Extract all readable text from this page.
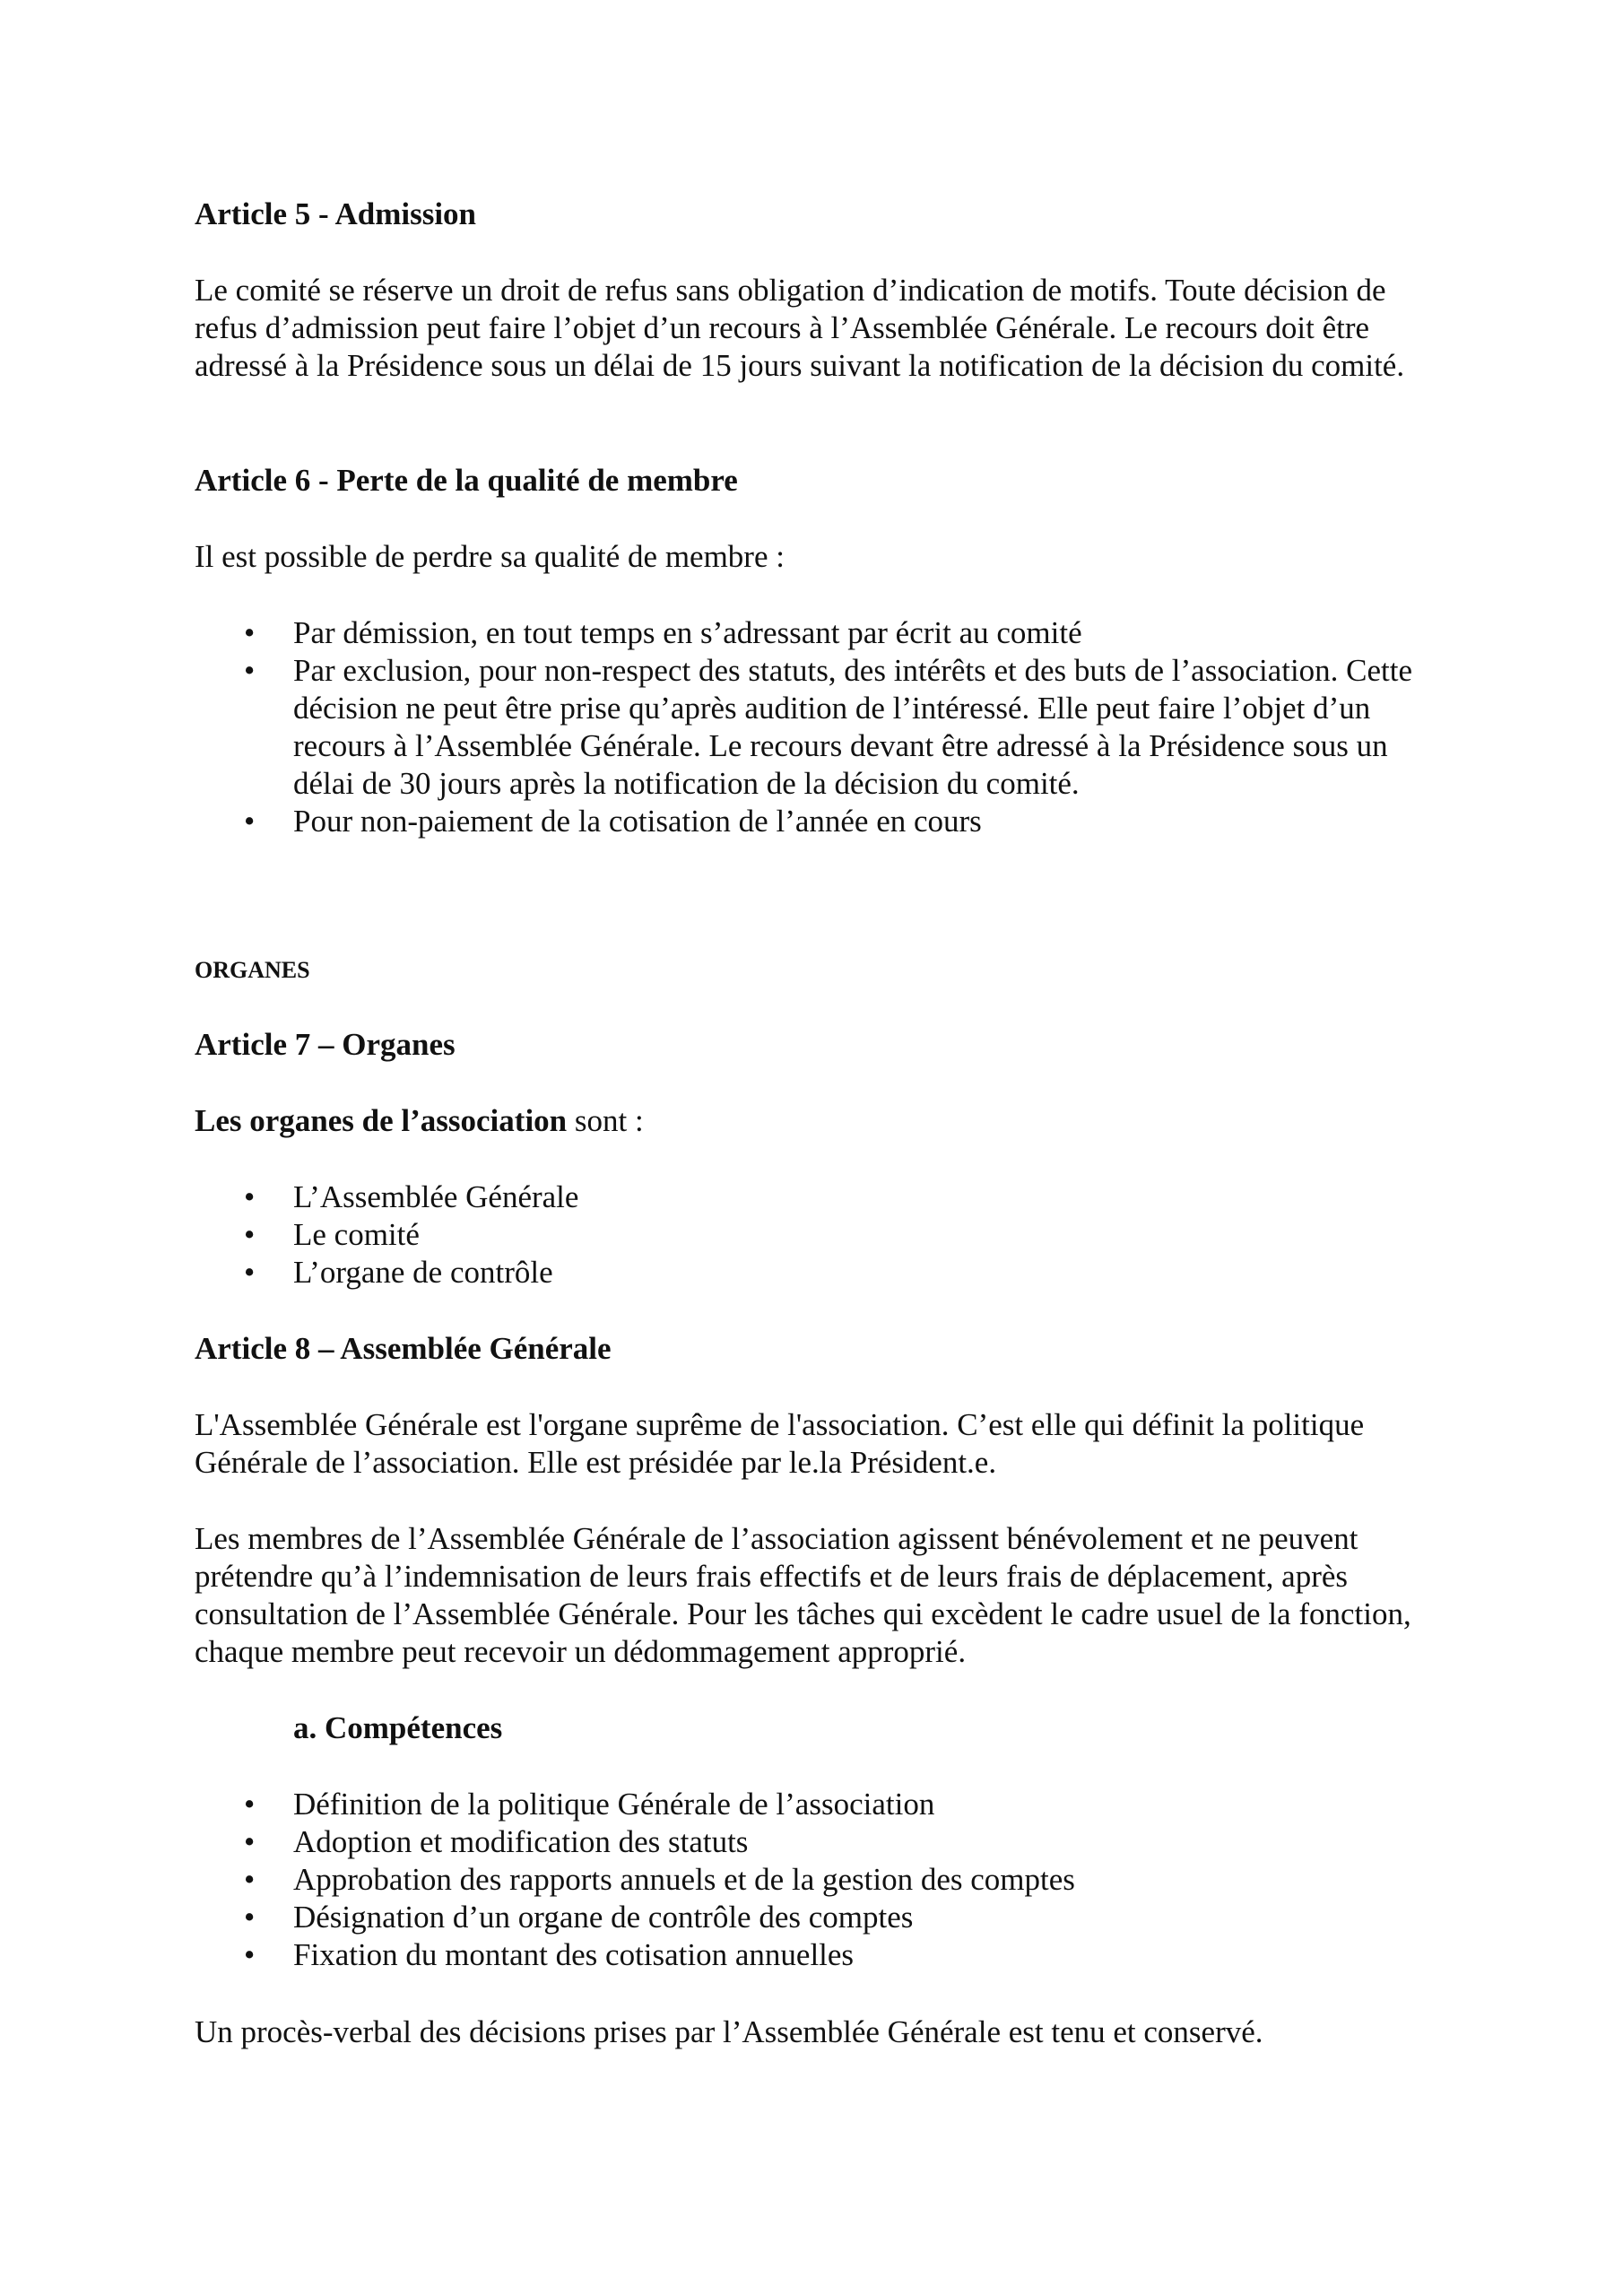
Article 5 - Admission

Le comité se réserve un droit de refus sans obligation d’indication de motifs. Toute décision de refus d’admission peut faire l’objet d’un recours à l’Assemblée Générale. Le recours doit être adressé à la Présidence sous un délai de 15 jours suivant la notification de la décision du comité.

Article 6 - Perte de la qualité de membre

Il est possible de perdre sa qualité de membre :

• Par démission, en tout temps en s’adressant par écrit au comité
• Par exclusion, pour non-respect des statuts, des intérêts et des buts de l’association. Cette décision ne peut être prise qu’après audition de l’intéressé. Elle peut faire l’objet d’un recours à l’Assemblée Générale. Le recours devant être adressé à la Présidence sous un délai de 30 jours après la notification de la décision du comité.
• Pour non-paiement de la cotisation de l’année en cours

ORGANES

Article 7 – Organes

Les organes de l’association sont :

• L’Assemblée Générale
• Le comité
• L’organe de contrôle

Article 8 – Assemblée Générale

L'Assemblée Générale est l'organe suprême de l'association. C’est elle qui définit la politique Générale de l’association. Elle est présidée par le.la Président.e.

Les membres de l’Assemblée Générale de l’association agissent bénévolement et ne peuvent prétendre qu’à l’indemnisation de leurs frais effectifs et de leurs frais de déplacement, après consultation de l’Assemblée Générale. Pour les tâches qui excèdent le cadre usuel de la fonction, chaque membre peut recevoir un dédommagement approprié.

a. Compétences

• Définition de la politique Générale de l’association
• Adoption et modification des statuts
• Approbation des rapports annuels et de la gestion des comptes
• Désignation d’un organe de contrôle des comptes
• Fixation du montant des cotisation annuelles

Un procès-verbal des décisions prises par l’Assemblée Générale est tenu et conservé.
